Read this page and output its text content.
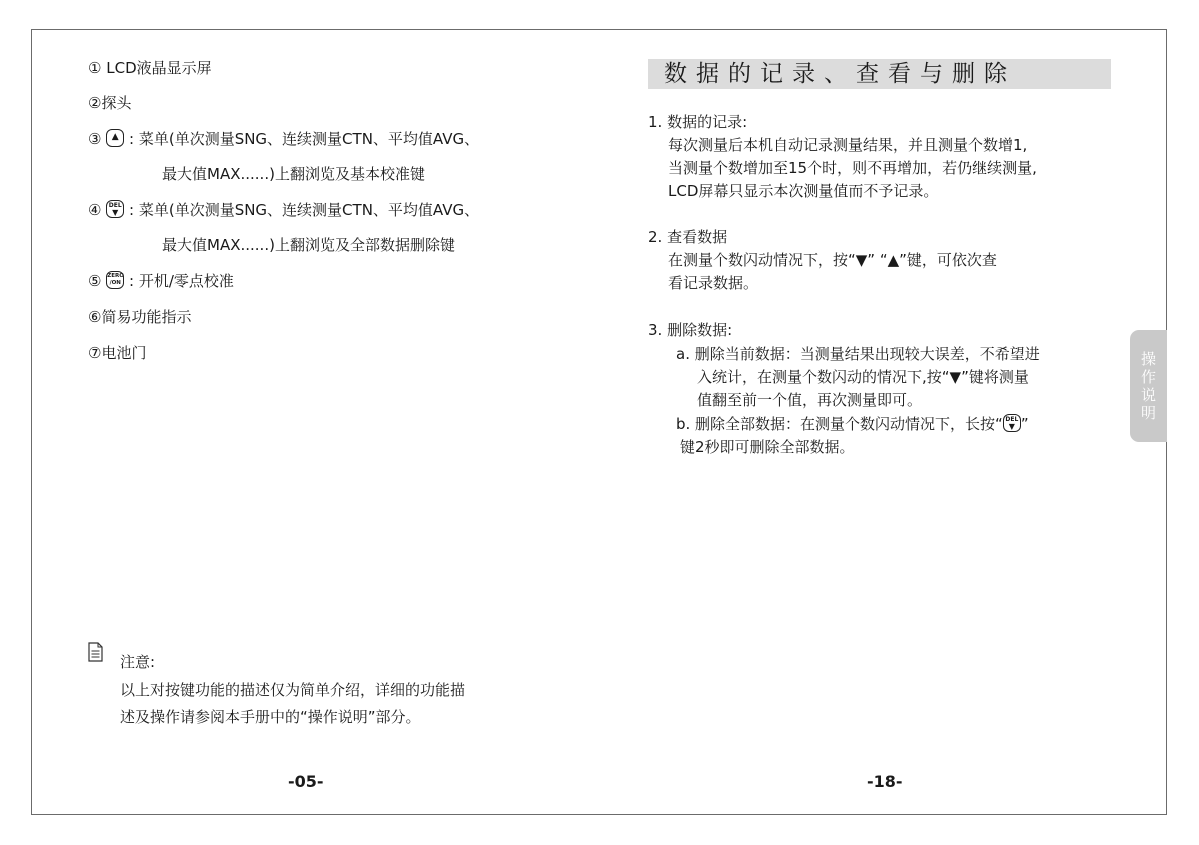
① LCD液晶显示屏
②探头
③ ▲ : 菜单(单次测量SNG、连续测量CTN、平均值AVG、
最大值MAX......)上翻浏览及基本校准键
④ DEL
▼ : 菜单(单次测量SNG、连续测量CTN、平均值AVG、
最大值MAX......)上翻浏览及全部数据删除键
⑤ ZERO
/ON : 开机/零点校准
⑥简易功能指示
⑦电池门
注意:
以上对按键功能的描述仅为简单介绍，详细的功能描
述及操作请参阅本手册中的“操作说明”部分。
-05-
数据的记录、查看与删除
1. 数据的记录:
每次测量后本机自动记录测量结果，并且测量个数增1,
当测量个数增加至15个时，则不再增加，若仍继续测量,
LCD屏幕只显示本次测量值而不予记录。
2. 查看数据
在测量个数闪动情况下，按“▼” “▲”键，可依次查
看记录数据。
3. 删除数据:
a. 删除当前数据：当测量结果出现较大误差，不希望进
入统计，在测量个数闪动的情况下,按“▼”键将测量
值翻至前一个值，再次测量即可。
b. 删除全部数据：在测量个数闪动情况下，长按“ DEL
▼ ”
键2秒即可删除全部数据。
操
作
说
明
-18-
